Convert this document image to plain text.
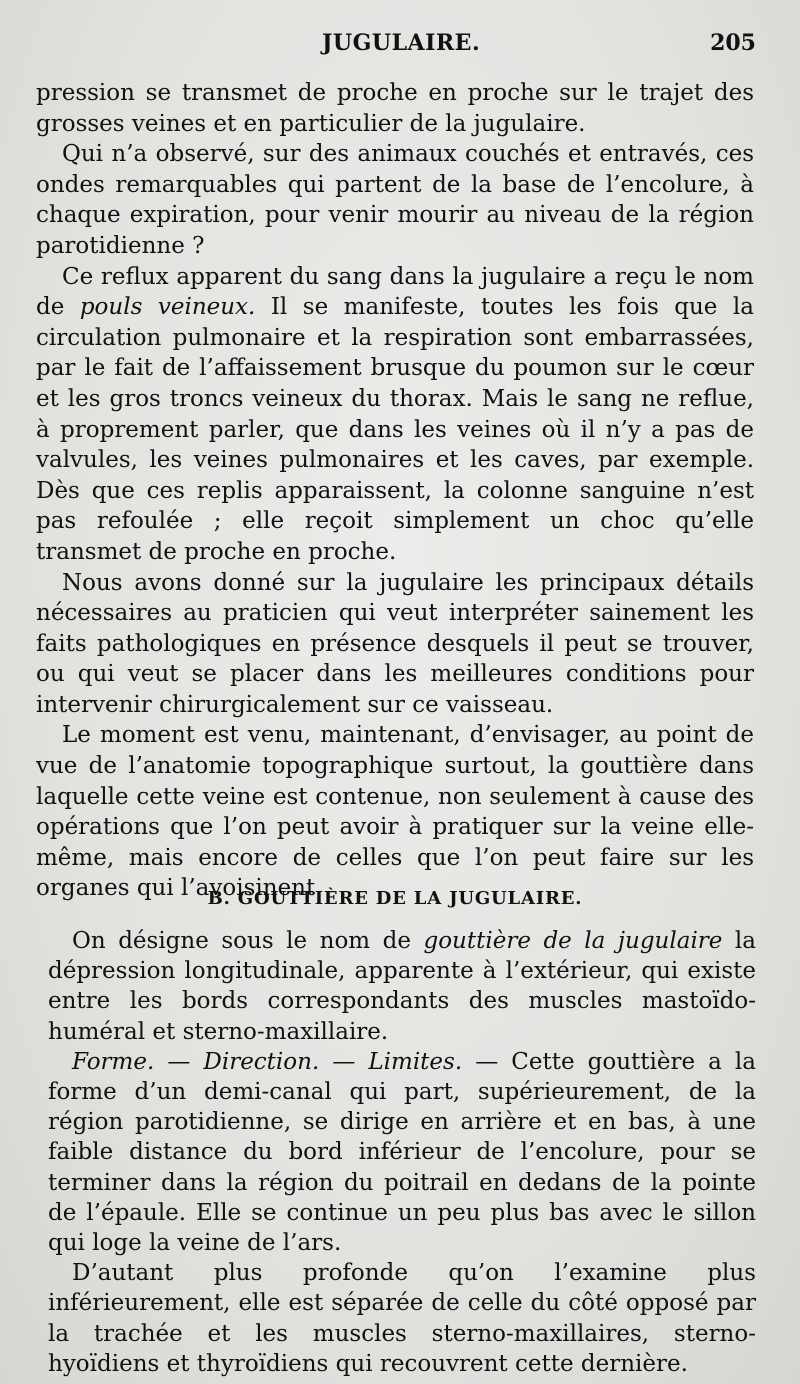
JUGULAIRE.	205

pression se transmet de proche en proche sur le trajet des grosses veines et en particulier de la jugulaire.

Qui n’a observé, sur des animaux couchés et entravés, ces ondes remarquables qui partent de la base de l’encolure, à chaque expiration, pour venir mourir au niveau de la région parotidienne ?

Ce reflux apparent du sang dans la jugulaire a reçu le nom de pouls veineux. Il se manifeste, toutes les fois que la circulation pulmonaire et la respiration sont embarrassées, par le fait de l’affaissement brusque du poumon sur le cœur et les gros troncs veineux du thorax. Mais le sang ne reflue, à proprement parler, que dans les veines où il n’y a pas de valvules, les veines pulmonaires et les caves, par exemple. Dès que ces replis apparaissent, la colonne sanguine n’est pas refoulée ; elle reçoit simplement un choc qu’elle transmet de proche en proche.

Nous avons donné sur la jugulaire les principaux détails nécessaires au praticien qui veut interpréter sainement les faits pathologiques en présence desquels il peut se trouver, ou qui veut se placer dans les meilleures conditions pour intervenir chirurgicalement sur ce vaisseau.

Le moment est venu, maintenant, d’envisager, au point de vue de l’anatomie topographique surtout, la gouttière dans laquelle cette veine est contenue, non seulement à cause des opérations que l’on peut avoir à pratiquer sur la veine elle-même, mais encore de celles que l’on peut faire sur les organes qui l’avoisinent.

B. GOUTTIÈRE DE LA JUGULAIRE.

On désigne sous le nom de gouttière de la jugulaire la dépression longitudinale, apparente à l’extérieur, qui existe entre les bords correspondants des muscles mastoïdo-huméral et sterno-maxillaire.

Forme. — Direction. — Limites. — Cette gouttière a la forme d’un demi-canal qui part, supérieurement, de la région parotidienne, se dirige en arrière et en bas, à une faible distance du bord inférieur de l’encolure, pour se terminer dans la région du poitrail en dedans de la pointe de l’épaule. Elle se continue un peu plus bas avec le sillon qui loge la veine de l’ars.

D’autant plus profonde qu’on l’examine plus inférieurement, elle est séparée de celle du côté opposé par la trachée et les muscles sterno-maxillaires, sterno-hyoïdiens et thyroïdiens qui recouvrent cette dernière.
